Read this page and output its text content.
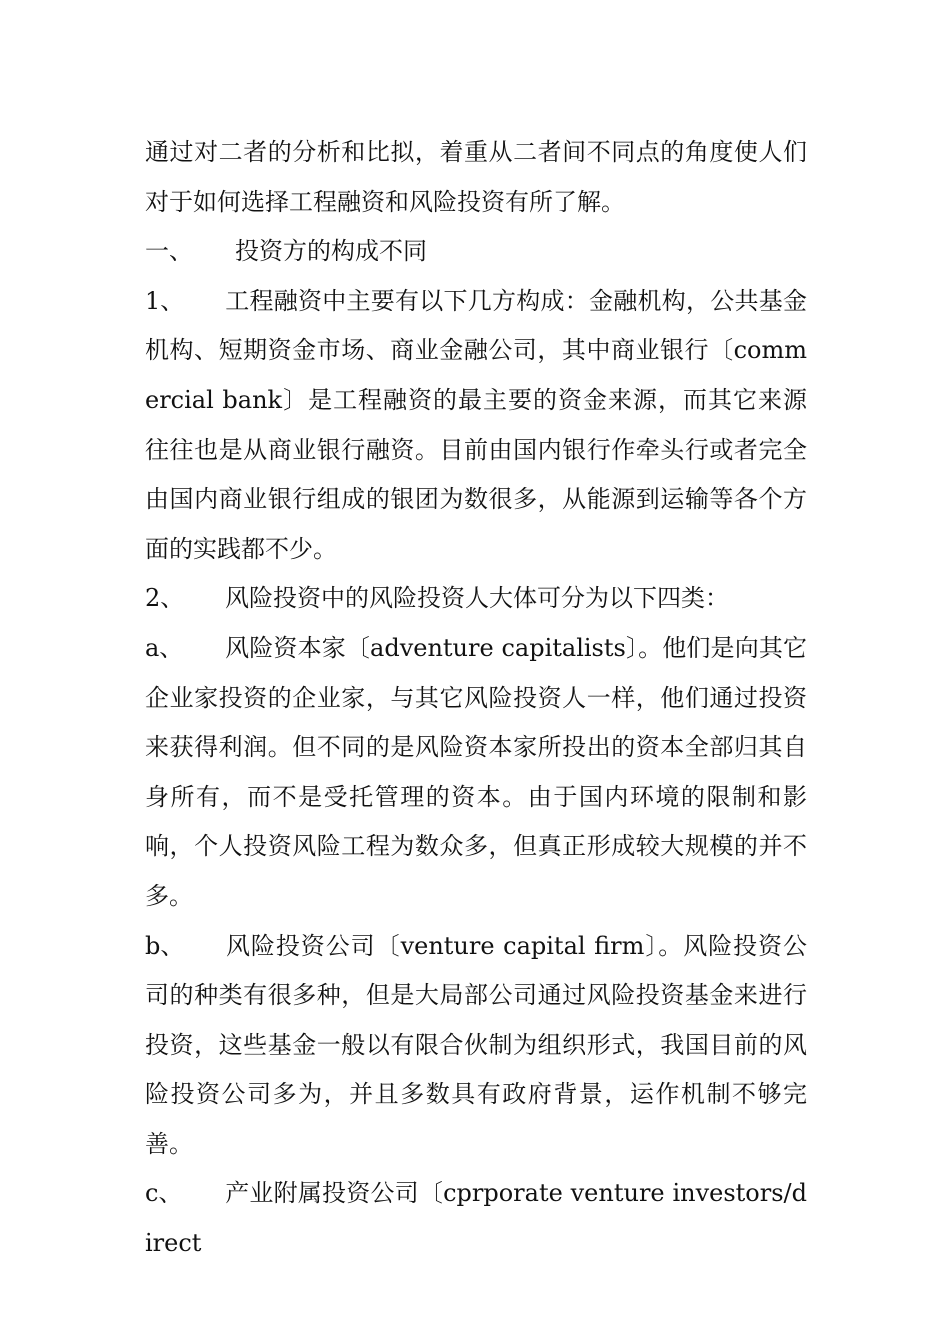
通过对二者的分析和比拟，着重从二者间不同点的角度使人们对于如何选择工程融资和风险投资有所了解。

一、 投资方的构成不同

1、 工程融资中主要有以下几方构成：金融机构，公共基金机构、短期资金市场、商业金融公司，其中商业银行〔commercial bank〕是工程融资的最主要的资金来源，而其它来源往往也是从商业银行融资。目前由国内银行作牵头行或者完全由国内商业银行组成的银团为数很多，从能源到运输等各个方面的实践都不少。

2、 风险投资中的风险投资人大体可分为以下四类：

a、 风险资本家〔adventure capitalists〕。他们是向其它企业家投资的企业家，与其它风险投资人一样，他们通过投资来获得利润。但不同的是风险资本家所投出的资本全部归其自身所有，而不是受托管理的资本。由于国内环境的限制和影响，个人投资风险工程为数众多，但真正形成较大规模的并不多。

b、 风险投资公司〔venture capital firm〕。风险投资公司的种类有很多种，但是大局部公司通过风险投资基金来进行投资，这些基金一般以有限合伙制为组织形式，我国目前的风险投资公司多为，并且多数具有政府背景，运作机制不够完善。

c、 产业附属投资公司〔cprporate venture investors/direct
